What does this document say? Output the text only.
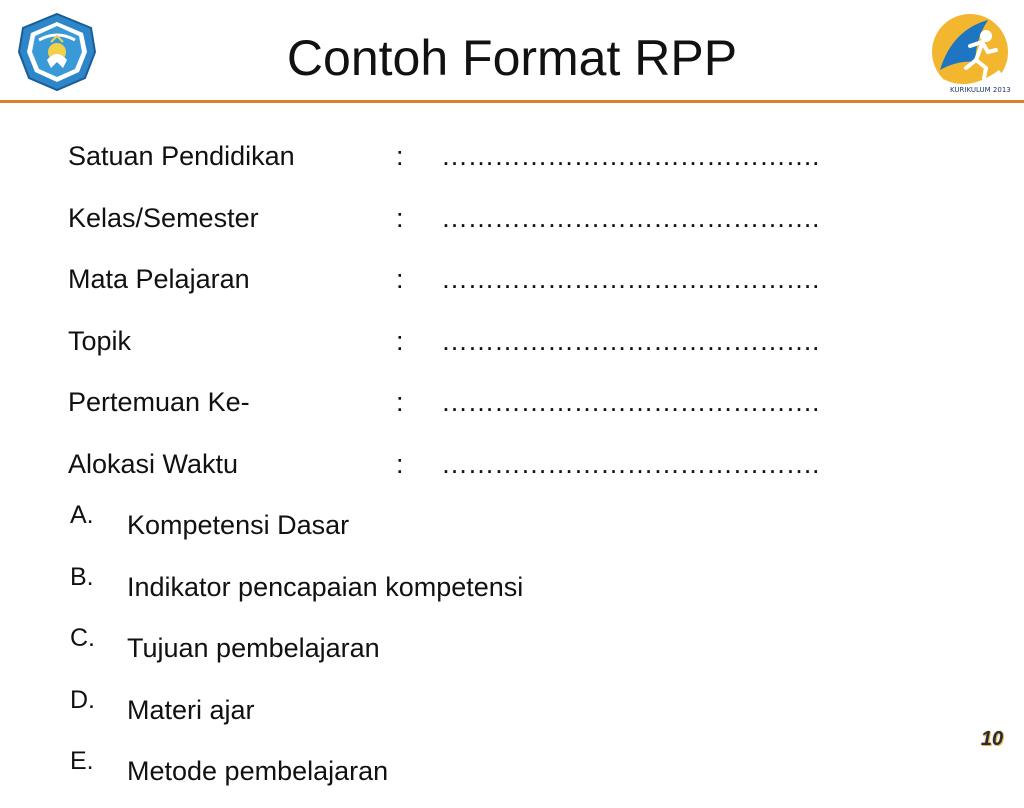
Contoh Format RPP
KURIKULUM 2013
Satuan Pendidikan	: …………………………………….
Kelas/Semester	: …………………………………….
Mata Pelajaran	: …………………………………….
Topik	: …………………………………….
Pertemuan Ke-	: …………………………………….
Alokasi Waktu	: …………………………………….
A. Kompetensi Dasar
B. Indikator pencapaian kompetensi
C. Tujuan pembelajaran
D. Materi ajar
E. Metode pembelajaran
10
